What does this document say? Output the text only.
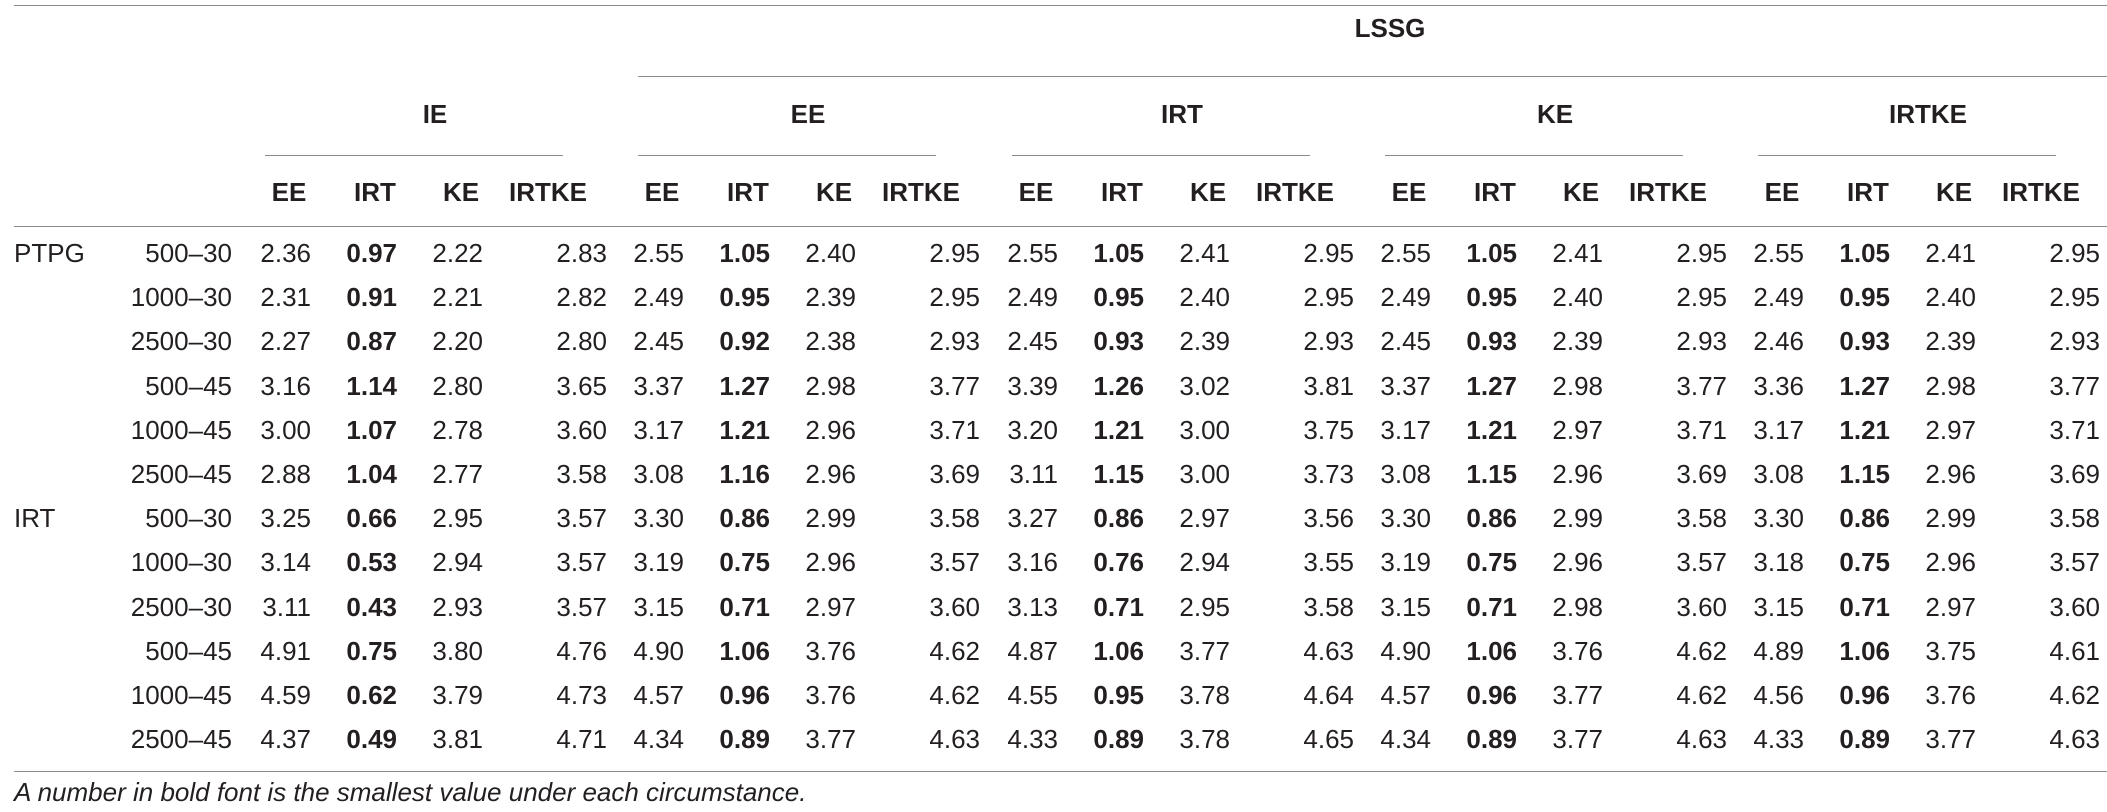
LSSG
IE
EE	IRT	KE	IRTKE
EE
EE	IRT	KE	IRTKE
IRT
EE	IRT	KE	IRTKE
KE
EE	IRT	KE	IRTKE
IRTKE
EE	IRT	KE	IRTKE
PTPG	500–30	2.36	0.97	2.22	2.83	2.55	1.05	2.40	2.95	2.55	1.05	2.41	2.95	2.55	1.05	2.41	2.95	2.55	1.05	2.41	2.95
1000–30	2.31	0.91	2.21	2.82	2.49	0.95	2.39	2.95	2.49	0.95	2.40	2.95	2.49	0.95	2.40	2.95	2.49	0.95	2.40	2.95
2500–30	2.27	0.87	2.20	2.80	2.45	0.92	2.38	2.93	2.45	0.93	2.39	2.93	2.45	0.93	2.39	2.93	2.46	0.93	2.39	2.93
500–45	3.16	1.14	2.80	3.65	3.37	1.27	2.98	3.77	3.39	1.26	3.02	3.81	3.37	1.27	2.98	3.77	3.36	1.27	2.98	3.77
1000–45	3.00	1.07	2.78	3.60	3.17	1.21	2.96	3.71	3.20	1.21	3.00	3.75	3.17	1.21	2.97	3.71	3.17	1.21	2.97	3.71
2500–45	2.88	1.04	2.77	3.58	3.08	1.16	2.96	3.69	3.11	1.15	3.00	3.73	3.08	1.15	2.96	3.69	3.08	1.15	2.96	3.69
IRT	500–30	3.25	0.66	2.95	3.57	3.30	0.86	2.99	3.58	3.27	0.86	2.97	3.56	3.30	0.86	2.99	3.58	3.30	0.86	2.99	3.58
1000–30	3.14	0.53	2.94	3.57	3.19	0.75	2.96	3.57	3.16	0.76	2.94	3.55	3.19	0.75	2.96	3.57	3.18	0.75	2.96	3.57
2500–30	3.11	0.43	2.93	3.57	3.15	0.71	2.97	3.60	3.13	0.71	2.95	3.58	3.15	0.71	2.98	3.60	3.15	0.71	2.97	3.60
500–45	4.91	0.75	3.80	4.76	4.90	1.06	3.76	4.62	4.87	1.06	3.77	4.63	4.90	1.06	3.76	4.62	4.89	1.06	3.75	4.61
1000–45	4.59	0.62	3.79	4.73	4.57	0.96	3.76	4.62	4.55	0.95	3.78	4.64	4.57	0.96	3.77	4.62	4.56	0.96	3.76	4.62
2500–45	4.37	0.49	3.81	4.71	4.34	0.89	3.77	4.63	4.33	0.89	3.78	4.65	4.34	0.89	3.77	4.63	4.33	0.89	3.77	4.63
A number in bold font is the smallest value under each circumstance.
